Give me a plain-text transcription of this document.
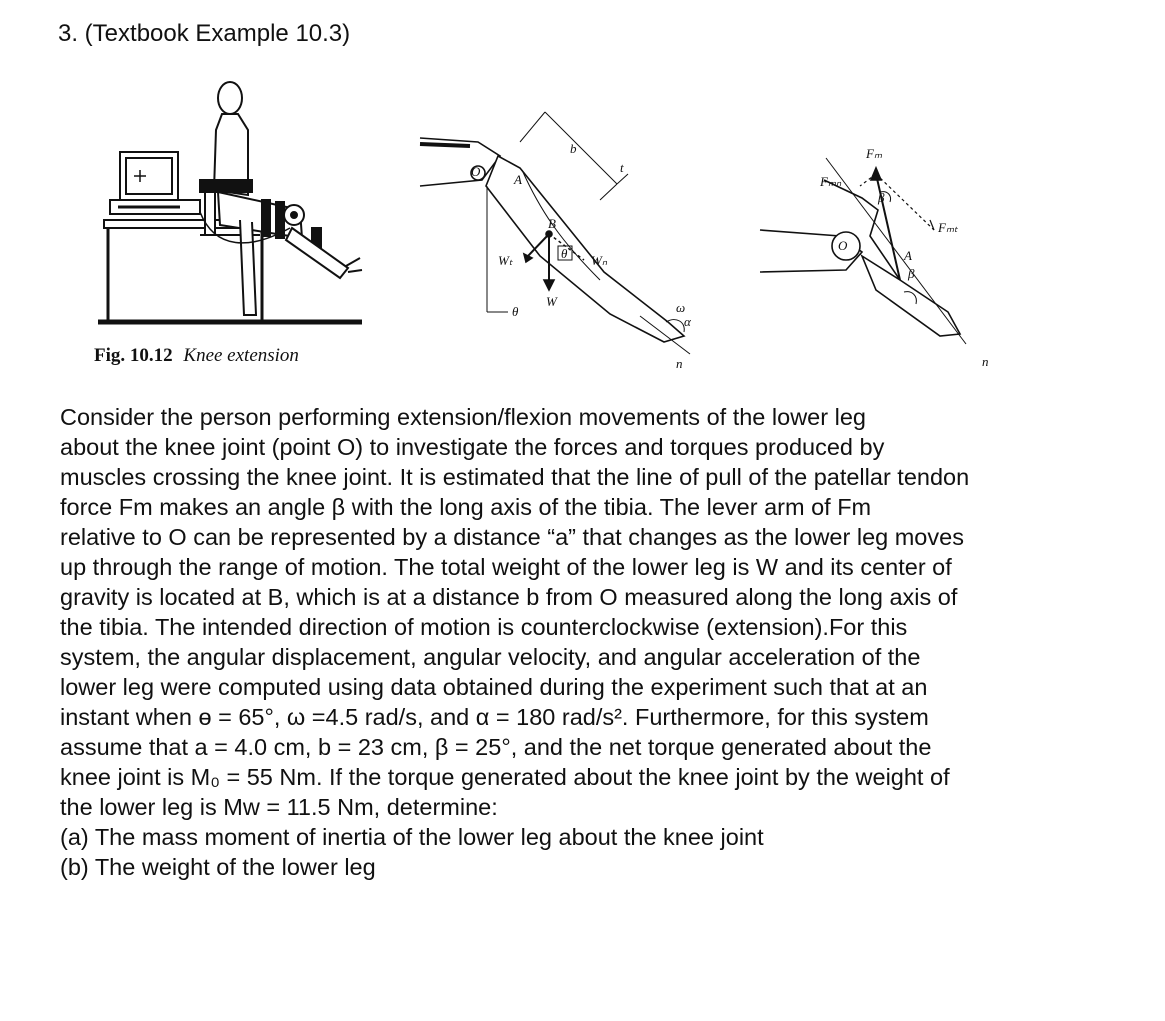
3. (Textbook Example 10.3)
O
A
B
b
t
Wₜ	Wₙ
θ
W
θ	ω
α
n
Fₘ
Fₘₙ
Fₘₜ
β
β
O
A
n
Fig. 10.12 Knee extension

Consider the person performing extension/flexion movements of the lower leg

about the knee joint (point O) to investigate the forces and torques produced by

muscles crossing the knee joint. It is estimated that the line of pull of the patellar tendon

force Fm makes an angle β with the long axis of the tibia. The lever arm of Fm

relative to O can be represented by a distance “a” that changes as the lower leg moves

up through the range of motion. The total weight of the lower leg is W and its center of

gravity is located at B, which is at a distance b from O measured along the long axis of

the tibia. The intended direction of motion is counterclockwise (extension).For this

system, the angular displacement, angular velocity, and angular acceleration of the

lower leg were computed using data obtained during the experiment such that at an

instant when ɵ = 65°, ω =4.5 rad/s, and α = 180 rad/s². Furthermore, for this system

assume that a = 4.0 cm, b = 23 cm, β = 25°, and the net torque generated about the

knee joint is M₀ = 55 Nm. If the torque generated about the knee joint by the weight of

the lower leg is Mw = 11.5 Nm, determine:

(a) The mass moment of inertia of the lower leg about the knee joint

(b) The weight of the lower leg
